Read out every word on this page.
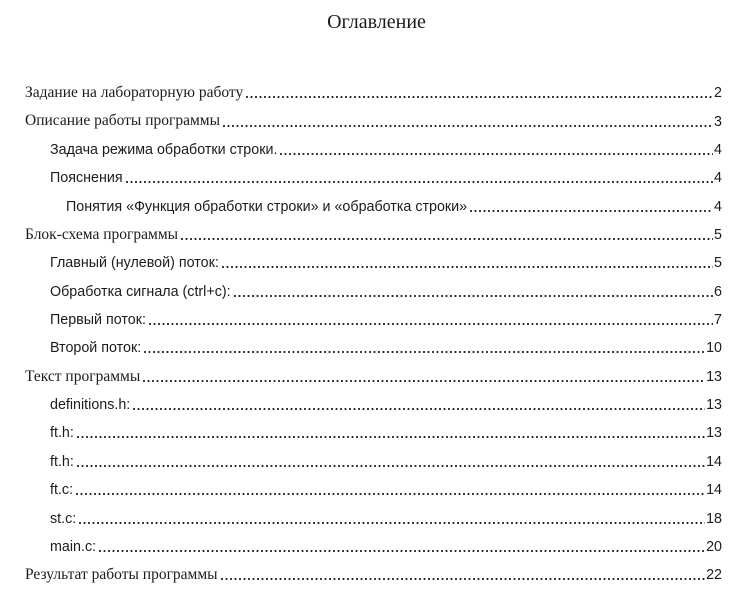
Оглавление
Задание на лабораторную работу	2
Описание работы программы	3
Задача режима обработки строки.	4
Пояснения	4
Понятия «Функция обработки строки» и «обработка строки»	4
Блок-схема программы	5
Главный (нулевой) поток:	5
Обработка сигнала (ctrl+c):	6
Первый поток:	7
Второй поток:	10
Текст программы	13
definitions.h:	13
ft.h:	13
ft.h:	14
ft.c:	14
st.c:	18
main.c:	20
Результат работы программы	22
